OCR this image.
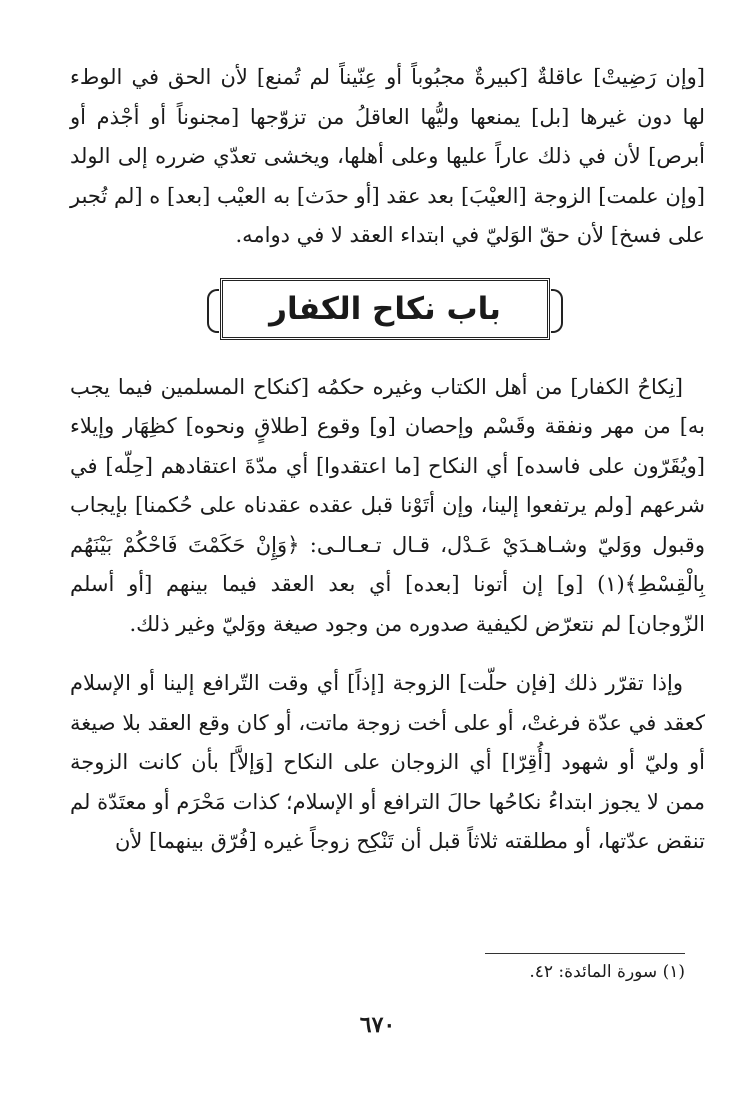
[وإن رَضِيتْ] عاقلةٌ [كبيرةٌ مجبُوباً أو عِنّيناً لم تُمنع] لأن الحق في الوطء لها دون غيرها [بل] يمنعها وليُّها العاقلُ من تزوّجها [مجنوناً أو أجْذم أو أبرص] لأن في ذلك عاراً عليها وعلى أهلها، ويخشى تعدّي ضرره إلى الولد [وإن علمت] الزوجة [العيْبَ] بعد عقد [أو حدَث] به العيْب [بعد] ه [لم تُجبر على فسخ] لأن حقّ الوَليّ في ابتداء العقد لا في دوامه.

باب نكاح الكفار

[نِكاحُ الكفار] من أهل الكتاب وغيره حكمُه [كنكاح المسلمين فيما يجب به] من مهر ونفقة وقَسْم وإحصان [و] وقوع [طلاقٍ ونحوه] كظِهَار وإيلاء [ويُقَرّون على فاسده] أي النكاح [ما اعتقدوا] أي مدّةَ اعتقادهم [حِلّه] في شرعهم [ولم يرتفعوا إلينا، وإن أتَوْنا قبل عقده عقدناه على حُكمنا] بإيجاب وقبول ووَليّ وشـاهـدَيْ عَـدْل، قـال تـعـالـى: ﴿وَإِنْ حَكَمْتَ فَاحْكُمْ بَيْنَهُم بِالْقِسْطِ﴾(١) [و] إن أتونا [بعده] أي بعد العقد فيما بينهم [أو أسلم الزّوجان] لم نتعرّض لكيفية صدوره من وجود صيغة ووَليّ وغير ذلك.

وإذا تقرّر ذلك [فإن حلّت] الزوجة [إذاً] أي وقت التّرافع إلينا أو الإسلام كعقد في عدّة فرغتْ، أو على أخت زوجة ماتت، أو كان وقع العقد بلا صيغة أو وليّ أو شهود [أُقِرّا] أي الزوجان على النكاح [وَإلاَّ] بأن كانت الزوجة ممن لا يجوز ابتداءُ نكاحُها حالَ الترافع أو الإسلام؛ كذات مَحْرَم أو معتَدّة لم تنقض عدّتها، أو مطلقته ثلاثاً قبل أن تَنْكِح زوجاً غيره [فُرّق بينهما] لأن

(١) سورة المائدة: ٤٢.
٦٧٠
